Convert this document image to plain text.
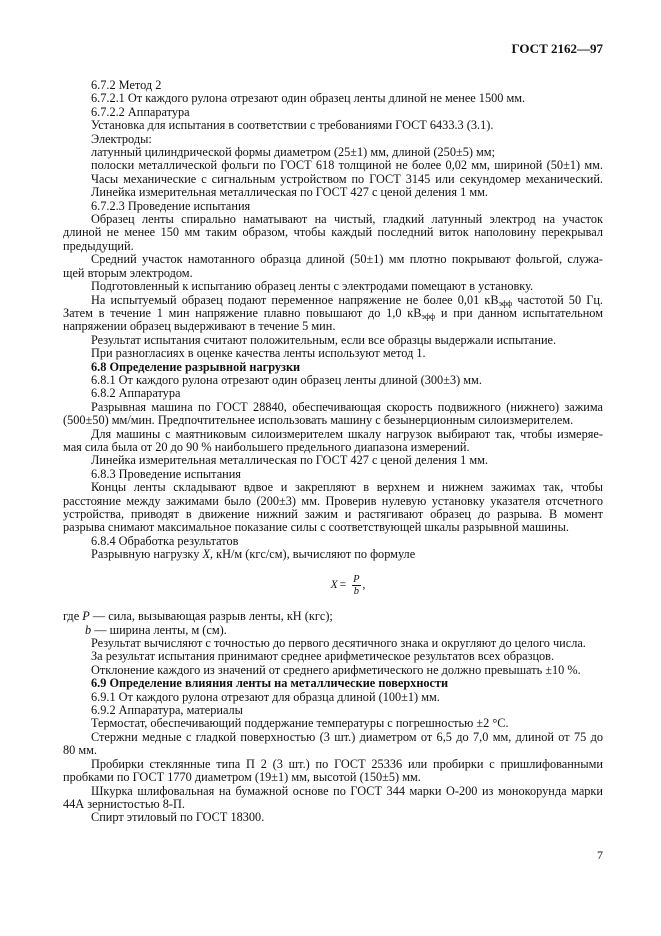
ГОСТ 2162—97
6.7.2 Метод 2
6.7.2.1 От каждого рулона отрезают один образец ленты длиной не менее 1500 мм.
6.7.2.2 Аппаратура
Установка для испытания в соответствии с требованиями ГОСТ 6433.3 (3.1).
Электроды:
латунный цилиндрической формы диаметром (25±1) мм, длиной (250±5) мм;
полоски металлической фольги по ГОСТ 618 толщиной не более 0,02 мм, шириной (50±1) мм.
Часы механические с сигнальным устройством по ГОСТ 3145 или секундомер механический.
Линейка измерительная металлическая по ГОСТ 427 с ценой деления 1 мм.
6.7.2.3 Проведение испытания
Образец ленты спирально наматывают на чистый, гладкий латунный электрод на участок
длиной не менее 150 мм таким образом, чтобы каждый последний виток наполовину перекрывал
предыдущий.
Средний участок намотанного образца длиной (50±1) мм плотно покрывают фольгой, служа-
щей вторым электродом.
Подготовленный к испытанию образец ленты с электродами помещают в установку.
На испытуемый образец подают переменное напряжение не более 0,01 $кВ_{эфф}$ частотой 50 Гц.
Затем в течение 1 мин напряжение плавно повышают до 1,0 $кВ_{эфф}$ и при данном испытательном
напряжении образец выдерживают в течение 5 мин.
Результат испытания считают положительным, если все образцы выдержали испытание.
При разногласиях в оценке качества ленты используют метод 1.
6.8 Определение разрывной нагрузки
6.8.1 От каждого рулона отрезают один образец ленты длиной (300±3) мм.
6.8.2 Аппаратура
Разрывная машина по ГОСТ 28840, обеспечивающая скорость подвижного (нижнего) зажима
(500±50) мм/мин. Предпочтительнее использовать машину с безынерционным силоизмерителем.
Для машины с маятниковым силоизмерителем шкалу нагрузок выбирают так, чтобы измеряе-
мая сила была от 20 до 90 % наибольшего предельного диапазона измерений.
Линейка измерительная металлическая по ГОСТ 427 с ценой деления 1 мм.
6.8.3 Проведение испытания
Концы ленты складывают вдвое и закрепляют в верхнем и нижнем зажимах так, чтобы
расстояние между зажимами было (200±3) мм. Проверив нулевую установку указателя отсчетного
устройства, приводят в движение нижний зажим и растягивают образец до разрыва. В момент
разрыва снимают максимальное показание силы с соответствующей шкалы разрывной машины.
6.8.4 Обработка результатов
Разрывную нагрузку X, кН/м (кгс/см), вычисляют по формуле
$X = \frac{P}{b}$ ,
где P — сила, вызывающая разрыв ленты, кН (кгс);
b — ширина ленты, м (см).
Результат вычисляют с точностью до первого десятичного знака и округляют до целого числа.
За результат испытания принимают среднее арифметическое результатов всех образцов.
Отклонение каждого из значений от среднего арифметического не должно превышать ±10 %.
6.9 Определение влияния ленты на металлические поверхности
6.9.1 От каждого рулона отрезают для образца длиной (100±1) мм.
6.9.2 Аппаратура, материалы
Термостат, обеспечивающий поддержание температуры с погрешностью ±2 °С.
Стержни медные с гладкой поверхностью (3 шт.) диаметром от 6,5 до 7,0 мм, длиной от 75 до
80 мм.
Пробирки стеклянные типа П 2 (3 шт.) по ГОСТ 25336 или пробирки с пришлифованными
пробками по ГОСТ 1770 диаметром (19±1) мм, высотой (150±5) мм.
Шкурка шлифовальная на бумажной основе по ГОСТ 344 марки О-200 из монокорунда марки
44А зернистостью 8-П.
Спирт этиловый по ГОСТ 18300.
7
